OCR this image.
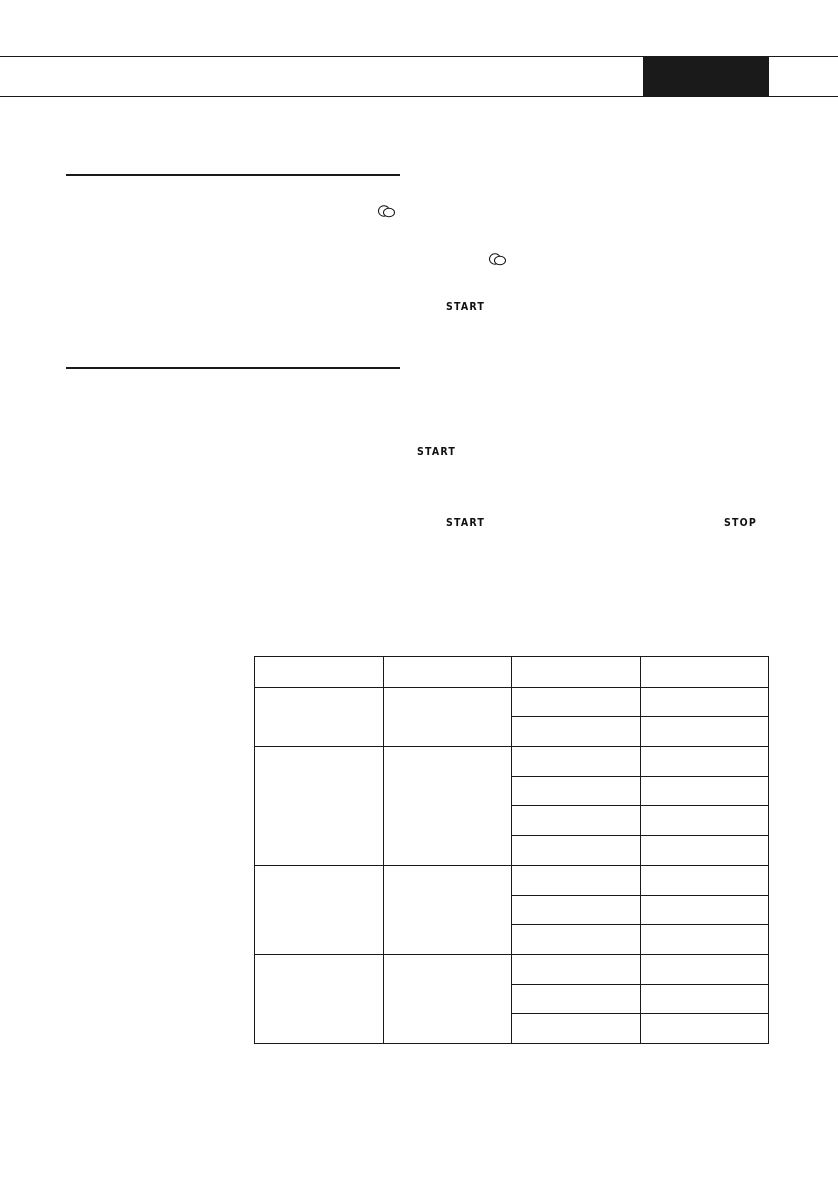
START
START
START	STOP
